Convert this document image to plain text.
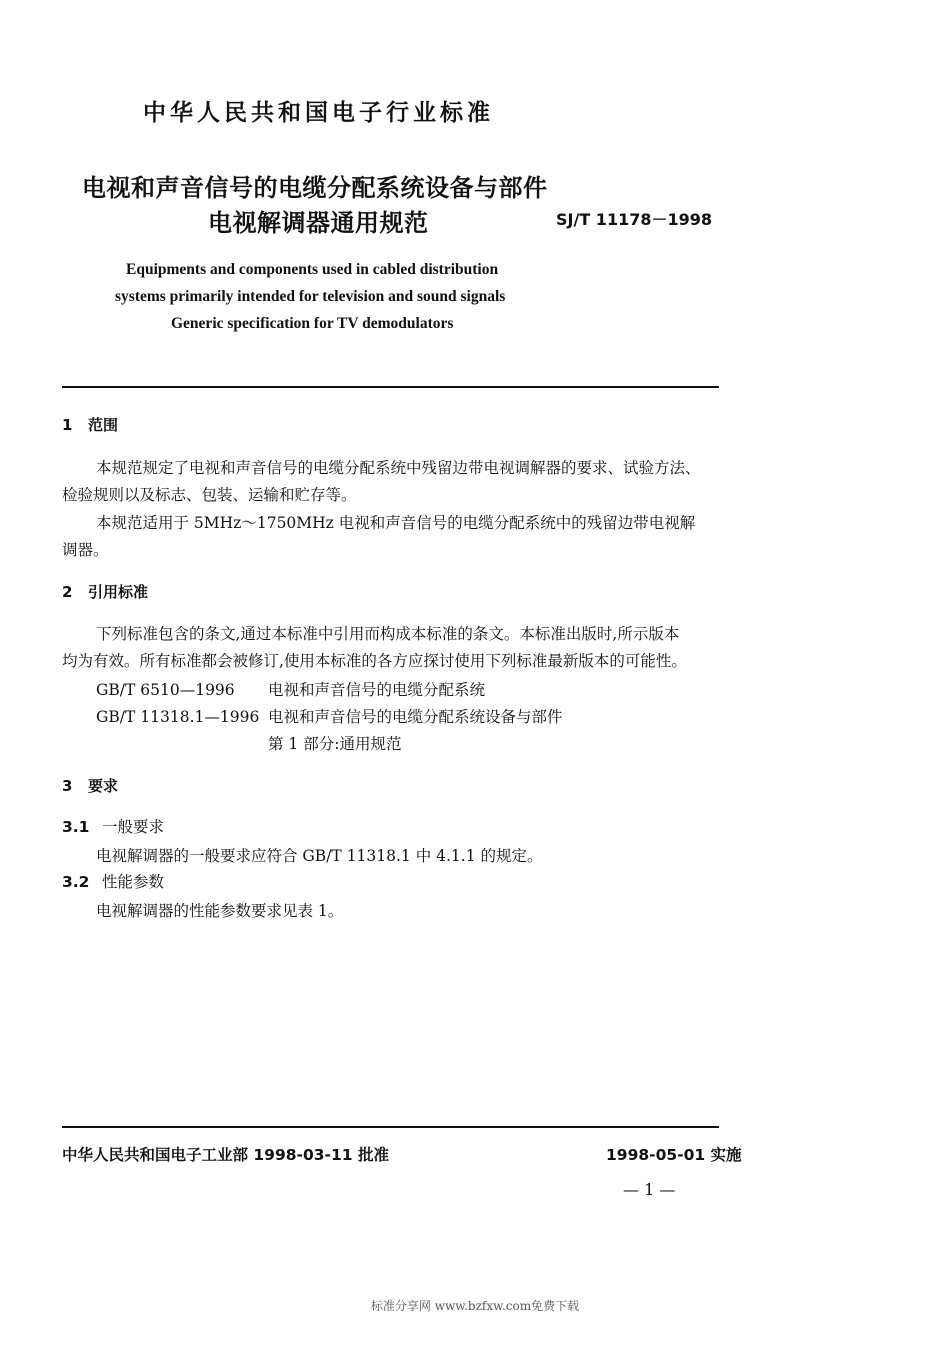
中华人民共和国电子行业标准
电视和声音信号的电缆分配系统设备与部件
电视解调器通用规范	SJ/T 11178－1998
Equipments and components used in cabled distribution
systems primarily intended for television and sound signals
Generic specification for TV demodulators
1 范围
本规范规定了电视和声音信号的电缆分配系统中残留边带电视调解器的要求、试验方法、
检验规则以及标志、包装、运输和贮存等。
本规范适用于 5MHz～1750MHz 电视和声音信号的电缆分配系统中的残留边带电视解
调器。
2 引用标准
下列标准包含的条文,通过本标准中引用而构成本标准的条文。本标准出版时,所示版本
均为有效。所有标准都会被修订,使用本标准的各方应探讨使用下列标准最新版本的可能性。
GB/T 6510—1996 电视和声音信号的电缆分配系统
GB/T 11318.1—1996 电视和声音信号的电缆分配系统设备与部件
第 1 部分:通用规范
3 要求
3.1 一般要求
电视解调器的一般要求应符合 GB/T 11318.1 中 4.1.1 的规定。
3.2 性能参数
电视解调器的性能参数要求见表 1。
中华人民共和国电子工业部 1998-03-11 批准	1998-05-01 实施
— 1 —
标准分享网 www.bzfxw.com免费下载
